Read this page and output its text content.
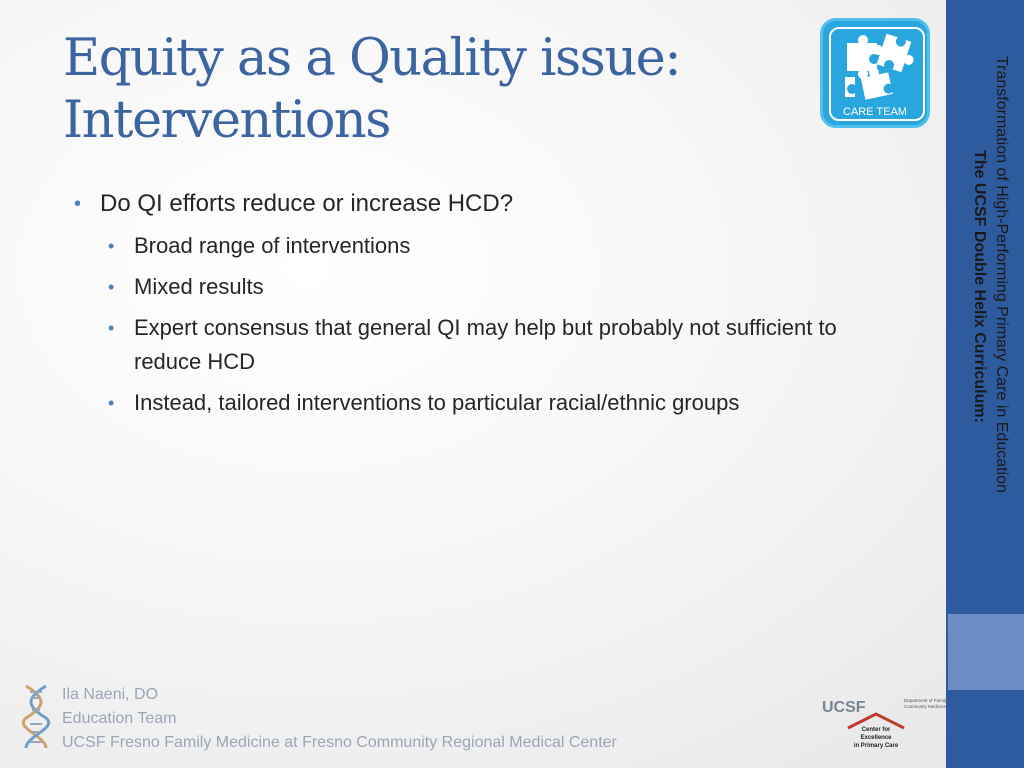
Equity as a Quality issue:
Interventions
• Do QI efforts reduce or increase HCD?
• Broad range of interventions
• Mixed results
• Expert consensus that general QI may help but probably not sufficient to reduce HCD
• Instead, tailored interventions to particular racial/ethnic groups
CARE TEAM	Transformation of High-Performing Primary Care in Education
The UCSF Double Helix Curriculum:
Ila Naeni, DO
Education Team
UCSF Fresno Family Medicine at Fresno Community Regional Medical Center
UCSF	Department of Family &
Community Medicine
Center for
Excellence
in Primary Care
